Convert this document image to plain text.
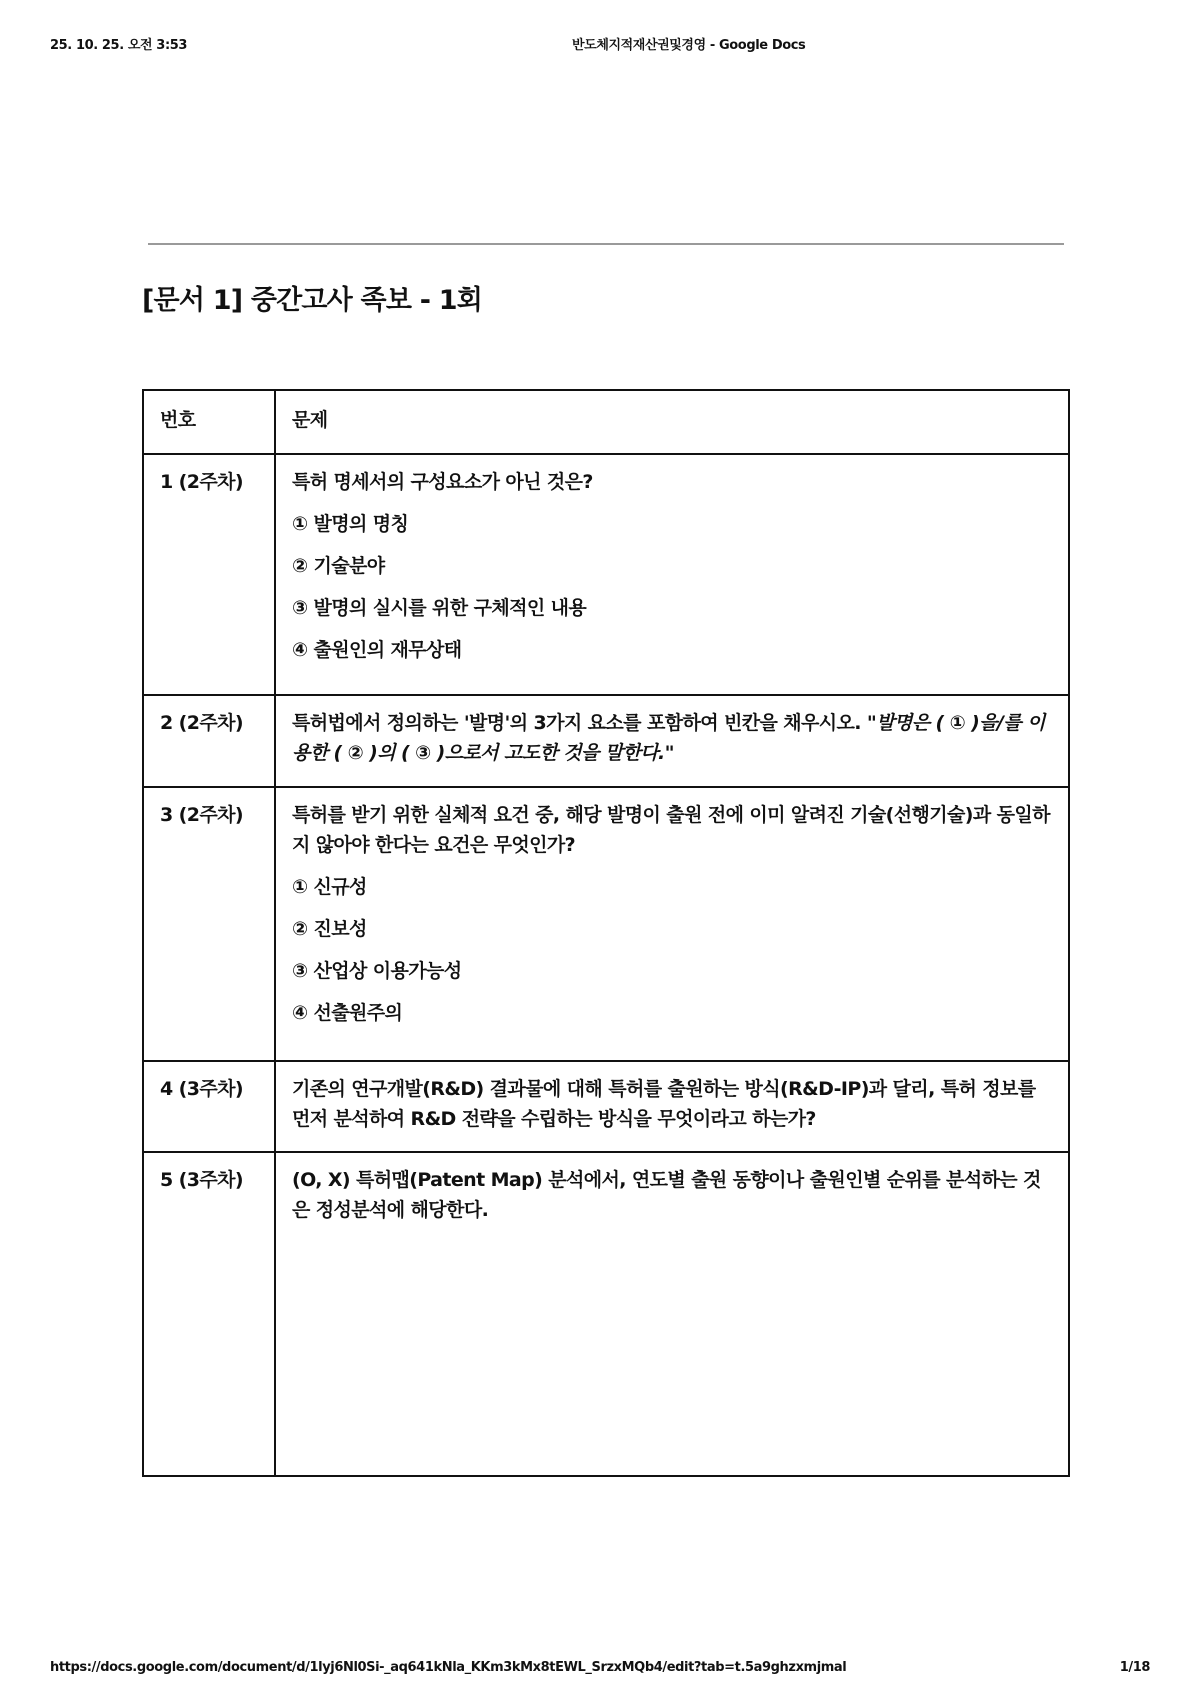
25. 10. 25. 오전 3:53	반도체지적재산권및경영 - Google Docs
[문서 1] 중간고사 족보 - 1회
번호	문제
1 (2주차)	특허 명세서의 구성요소가 아닌 것은?
① 발명의 명칭
② 기술분야
③ 발명의 실시를 위한 구체적인 내용
④ 출원인의 재무상태

2 (2주차)	특허법에서 정의하는 '발명'의 3가지 요소를 포함하여 빈칸을 채우시오. "발명은 ( ① )을/를 이용한 ( ② )의 ( ③ )으로서 고도한 것을 말한다."
3 (2주차)	특허를 받기 위한 실체적 요건 중, 해당 발명이 출원 전에 이미 알려진 기술(선행기술)과 동일하지 않아야 한다는 요건은 무엇인가?
① 신규성
② 진보성
③ 산업상 이용가능성
④ 선출원주의

4 (3주차)	기존의 연구개발(R&D) 결과물에 대해 특허를 출원하는 방식(R&D-IP)과 달리, 특허 정보를 먼저 분석하여 R&D 전략을 수립하는 방식을 무엇이라고 하는가?

5 (3주차)	(O, X) 특허맵(Patent Map) 분석에서, 연도별 출원 동향이나 출원인별 순위를 분석하는 것은 정성분석에 해당한다.
https://docs.google.com/document/d/1lyj6Nl0Si-_aq641kNla_KKm3kMx8tEWL_SrzxMQb4/edit?tab=t.5a9ghzxmjmal	1/18
